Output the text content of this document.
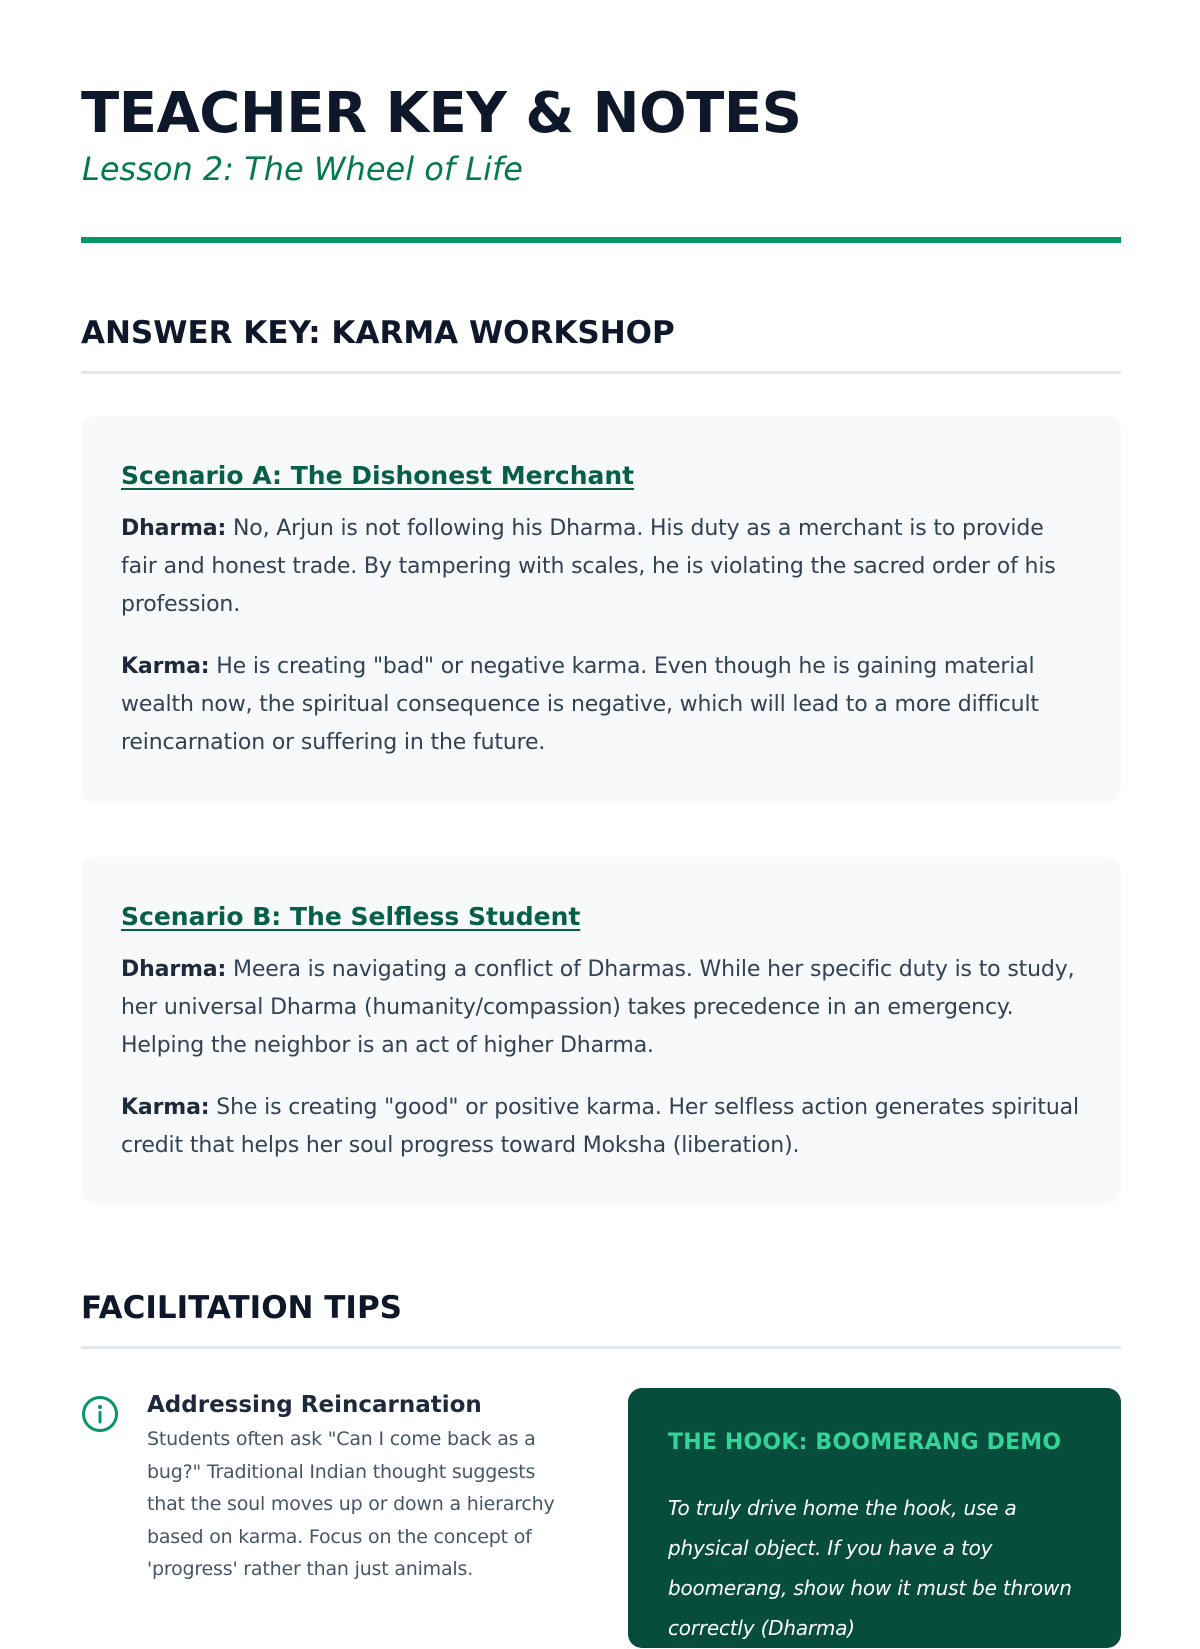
TEACHER KEY & NOTES
Lesson 2: The Wheel of Life
ANSWER KEY: KARMA WORKSHOP
Scenario A: The Dishonest Merchant

Dharma: No, Arjun is not following his Dharma. His duty as a merchant is to provide fair and honest trade. By tampering with scales, he is violating the sacred order of his profession.

Karma: He is creating "bad" or negative karma. Even though he is gaining material wealth now, the spiritual consequence is negative, which will lead to a more difficult reincarnation or suffering in the future.

Scenario B: The Selfless Student

Dharma: Meera is navigating a conflict of Dharmas. While her specific duty is to study, her universal Dharma (humanity/compassion) takes precedence in an emergency. Helping the neighbor is an act of higher Dharma.

Karma: She is creating "good" or positive karma. Her selfless action generates spiritual credit that helps her soul progress toward Moksha (liberation).

FACILITATION TIPS
Addressing Reincarnation
Students often ask "Can I come back as a bug?" Traditional Indian thought suggests that the soul moves up or down a hierarchy based on karma. Focus on the concept of 'progress' rather than just animals.
THE HOOK: BOOMERANG DEMO
To truly drive home the hook, use a physical object. If you have a toy boomerang, show how it must be thrown correctly (Dharma)
